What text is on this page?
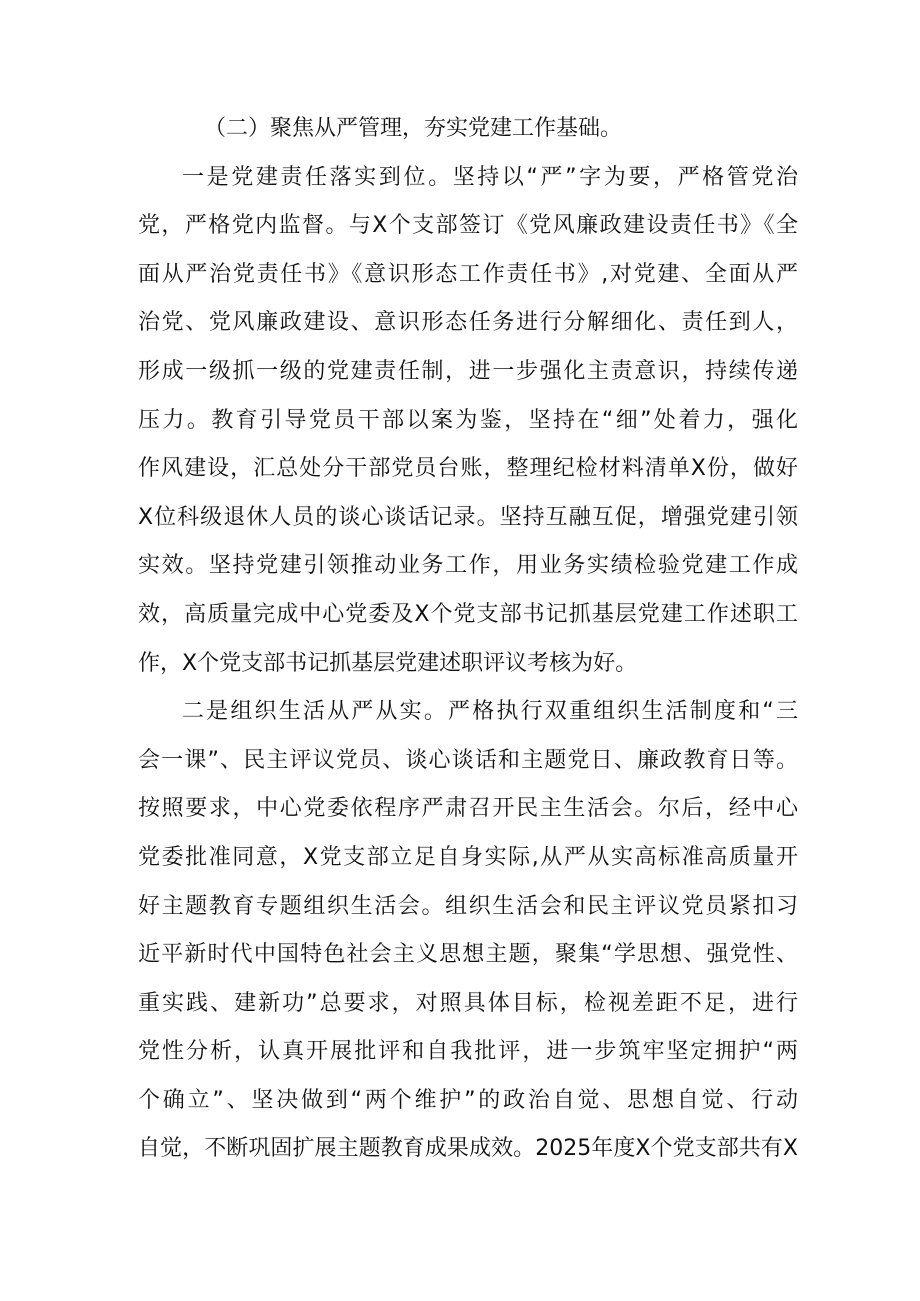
（二）聚焦从严管理，夯实党建工作基础。

一是党建责任落实到位。坚持以“严”字为要，严格管党治
党，严格党内监督。与X个支部签订《党风廉政建设责任书》《全
面从严治党责任书》《意识形态工作责任书》,对党建、全面从严
治党、党风廉政建设、意识形态任务进行分解细化、责任到人，
形成一级抓一级的党建责任制，进一步强化主责意识，持续传递
压力。教育引导党员干部以案为鉴，坚持在“细”处着力，强化
作风建设，汇总处分干部党员台账，整理纪检材料清单X份，做好
X位科级退休人员的谈心谈话记录。坚持互融互促，增强党建引领
实效。坚持党建引领推动业务工作，用业务实绩检验党建工作成
效，高质量完成中心党委及X个党支部书记抓基层党建工作述职工
作，X个党支部书记抓基层党建述职评议考核为好。
二是组织生活从严从实。严格执行双重组织生活制度和“三
会一课”、民主评议党员、谈心谈话和主题党日、廉政教育日等。
按照要求，中心党委依程序严肃召开民主生活会。尔后，经中心
党委批准同意，X党支部立足自身实际,从严从实高标准高质量开
好主题教育专题组织生活会。组织生活会和民主评议党员紧扣习
近平新时代中国特色社会主义思想主题，聚集“学思想、强党性、
重实践、建新功”总要求，对照具体目标，检视差距不足，进行
党性分析，认真开展批评和自我批评，进一步筑牢坚定拥护“两
个确立”、坚决做到“两个维护”的政治自觉、思想自觉、行动
自觉，不断巩固扩展主题教育成果成效。2025年度X个党支部共有X
